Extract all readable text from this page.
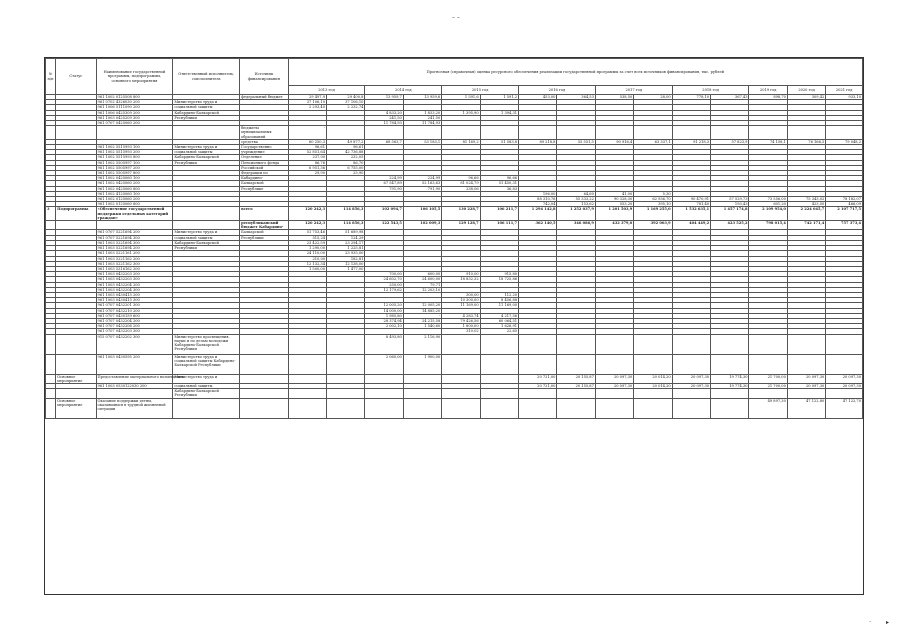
– –
№ п/п	Статус	Наименование государственной программы, подпрограммы, основного мероприятия	Ответственный исполнитель, соисполнитель	Источник финансирования	Прогнозная (справочная) оценка ресурсного обеспечения реализации государственной программы за счет всех источников финансирования, тыс. рублей														
					2013 год		2014 год		2015 год		2016 год		2017 год		2018 год		2019 год	2020 год	2021 год
		961 1002 0125508 800		федеральный бюджет	29 497,9	29 400,8	13 959,7	13 959,6	1 591,6	1 591,2	453,00	364,53	538,50	28,00	778,10	367,43	898,70	309,42	933,10
		961 0702 4326030 200	Министерство труда и		37 106,10	37 106,10													
		961 1006 5111090 200	социальной защиты		2 293,40	2 232,74													
		961 1006 0425309 200	Кабардино-Балкарской				4 833,20	1 833,20	1 395,90	1 394,31									
		961 1003 0425209 300	Республики				241,50	241,50											
		961 0707 0425060 200					11 784,93	11 784,93											
				бюджеты муниципальных образований	-														
				средства	60 250,3	49 877,2	68 563,7	53 183,1	81 169,2	51 583,8	89 218,8	55 551,5	90 916,4	63 337,1	91 218,3	57 823,9	74 158,1	76 166,5	79 048,2
		961 1002 5515993 100	Министерство труда и	Государственно	96,61	96,61													
		961 1002 5515993 200	социальной защиты	учреждение	52 851,64	42 736,88													
		961 1002 5515993 800	Кабардино-Балкарской	Отделение	237,00	232,05													
		961 1002 5505997 100	Республики	Пенсионного фонда	86,76	86,70													
		961 1002 5505997 200		Российской	6 951,36	6 755,00													
		961 1002 5505997 800		Федерации по	29,90	25,90													
		961 1002 0425060 100		Кабардино-			224,99	224,99	96,66	96,66									
		961 1002 0425060 200		Балкарской			67 547,89	52 163,63	81 024,79	51 450,31									
		961 1002 0425060 800		Республике			791,90	791,90	238,06	36,83									
		961 1002 4125060 100									196,00	64,60	41,00	5,30					
		961 1002 0125060 200									88 310,76	55 333,22	90 328,30	62 936,70	90 470,91	57 529,73	73 556,00	75 343,02	78 182,07
		961 1002 0125060 800									742,04	153,62	553,20	395,10	781,40	193,43	601,20	423,50	466,09
3	Подпрограмма	«Обеспечение государственной поддержки отдельных категорий граждан»		всего	120 242,3	114 856,3	102 094,7	106 105,5	130 228,7	106 211,7	1 294 142,8	1 252 037,9	1 201 503,9	1 169 255,0	1 532 635,1	1 457 174,8	2 109 954,0	2 224 045,7	2 107 717,5
				республиканский бюджет Кабардино-	120 242,3	114 856,3	122 543,5	102 009,3	129 128,7	106 111,7	362 140,5	346 086,9	432 379,0	392 003,9	404 449,2	423 525,2	798 015,4	742 171,4	757 373,4
		961 0707 5221694 200	Министерство труда и	Балкарской	51 753,46	51 689,98													
		961 0707 5221694 300	социальной защиты	Республики	515,24	124,29													
		961 1003 5221694 300	Кабардино-Балкарской		23 422,59	23 294,17													
		961 1003 5221694 200	Республики		1 290,00	1 225,81													
		961 1003 5221161 200			24 110,00	23 935,00													
		961 1003 5221162 200			210,00	182,81													
		961 1003 5221162 300			12 132,34	12 138,00													
		961 1003 5316162 200			1 500,00	1 477,00													
		961 1003 0432203 200					700,00	600,00	910,00	915,80									
		961 1003 0432203 300					24 602,70	24 600,00	18 832,32	18 725,86									
		961 1003 0432204 200					250,00	79,71											
		961 1003 0432204 300					12 179,62	12 203,10											
		961 1003 0430415 200							300,00	112,20									
		961 1003 0430415 300							10 300,00	8 456,88									
		961 0707 0432201 300					12 005,20	12 005,20	11 169,00	11 169,00									
		961 0707 0432210 200					14 000,00	14 885,20											
		961 0707 0430159 600					1 985,80	-	4 283,74	4 217,56									
		961 0707 0432204 200					28 374,94	24 215,58	79 426,56	60 064,51									
		961 0707 0432206 200					2 002,10	1 540,60	1 800,00	1 626,91									
		961 0707 0432203 300							310,02	22,65									
		915 0707 0432202 300	Министерство просвещения, науки и по делам молодежи Кабардино-Балкарской Республики				8 493,80	2 116,90											
		961 1003 0430595 200	Министерство труда и социальной защиты Кабардино-Балкарской Республики				2 060,00	1 900,00											
	Основное мероприятие	Предоставление материального возмещения	Министерство труда и								20 721,00	20 155,87	20 097,30	20 014,20	20 097,30	19 774,30	21 700,00	20 097,30	20 097,30
		961 1003 0530122030 200	социальной защиты								20 721,00	20 155,87	20 097,30	20 014,20	20 097,30	19 774,30	21 700,00	20 097,30	20 097,30
			Кабардино-Балкарской Республики																
	Основное мероприятие	Оказание поддержки детям, оказавшимся в трудной жизненной ситуации															49 897,30	47 122,80	47 122,70
· ▸
